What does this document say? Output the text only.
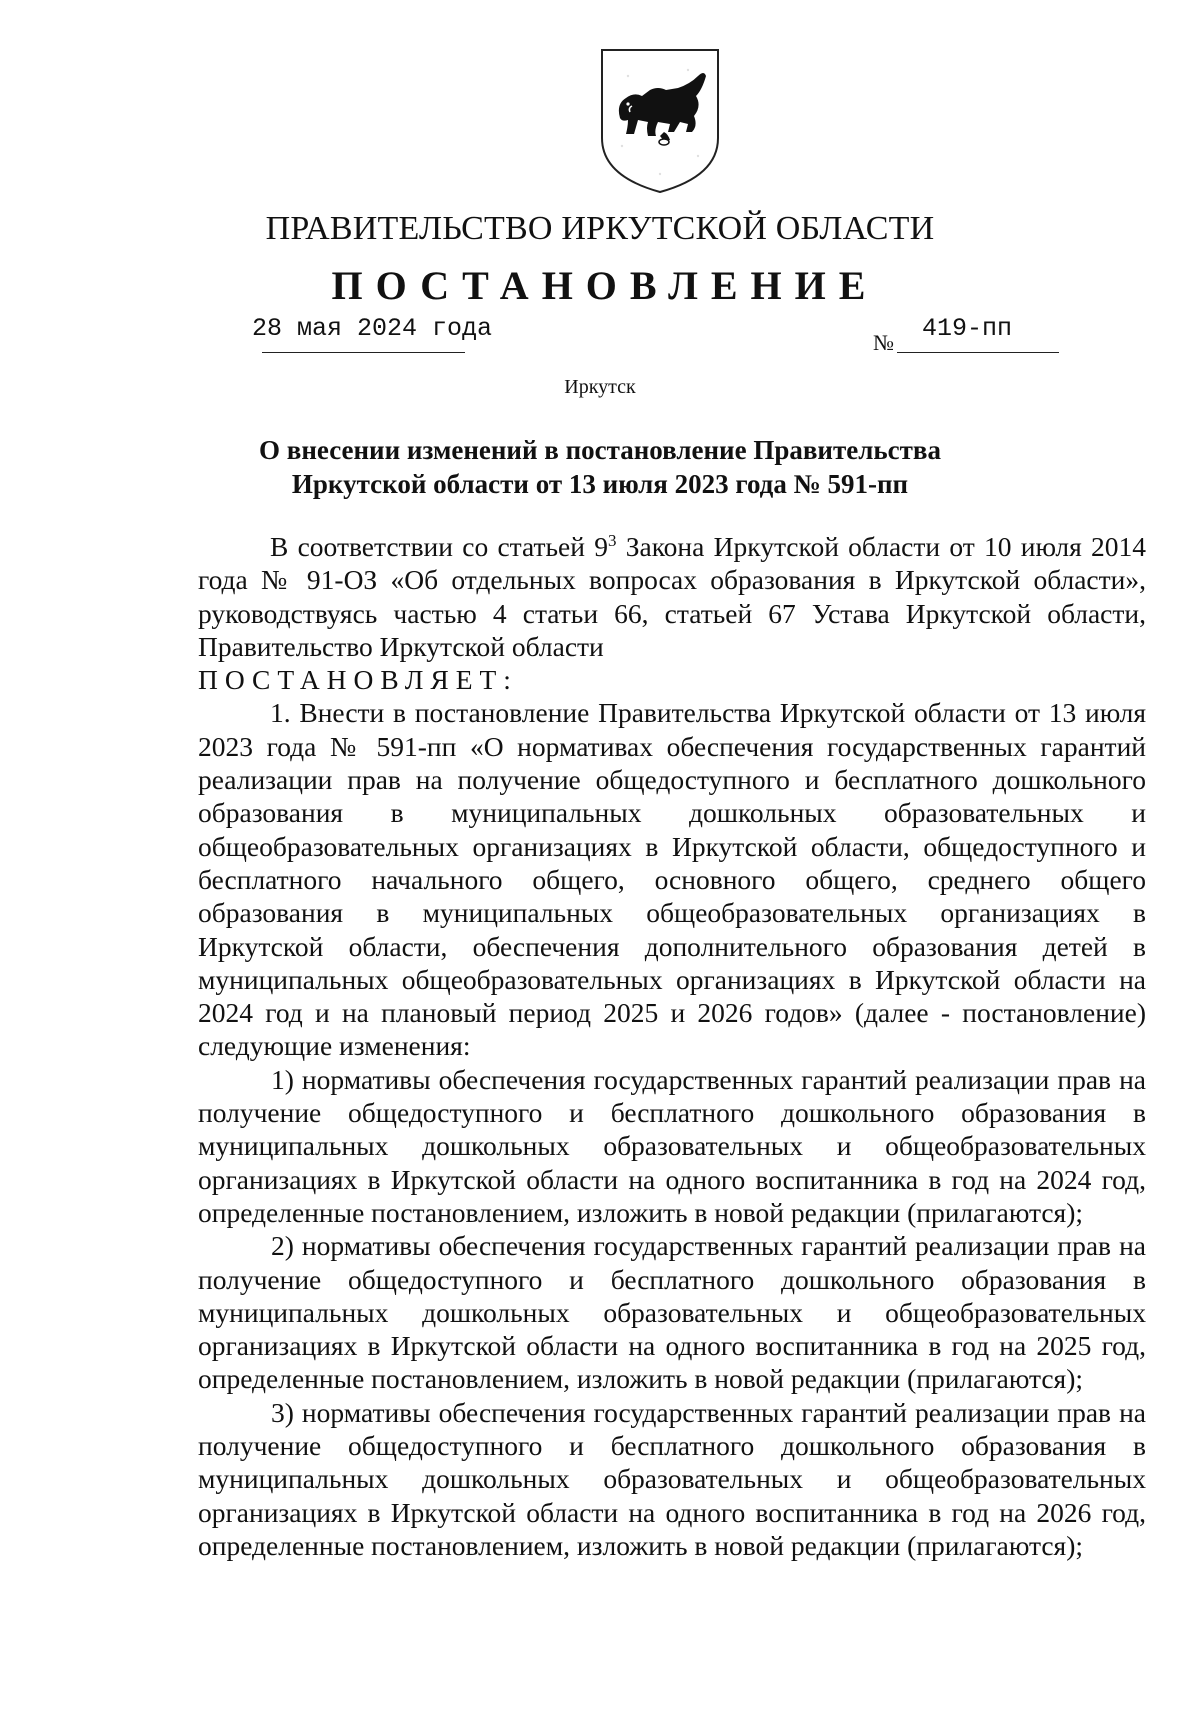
ПРАВИТЕЛЬСТВО ИРКУТСКОЙ ОБЛАСТИ
ПОСТАНОВЛЕНИЕ
28 мая 2024 года	№ 419-пп
Иркутск
О внесении изменений в постановление Правительства
Иркутской области от 13 июля 2023 года № 591-пп

В соответствии со статьей $9^3$ Закона Иркутской области от 10 июля 2014 года № 91-ОЗ «Об отдельных вопросах образования в Иркутской области», руководствуясь частью 4 статьи 66, статьей 67 Устава Иркутской области, Правительство Иркутской области

ПОСТАНОВЛЯЕТ:

1. Внести в постановление Правительства Иркутской области от 13 июля 2023 года № 591-пп «О нормативах обеспечения государственных гарантий реализации прав на получение общедоступного и бесплатного дошкольного образования в муниципальных дошкольных образовательных и общеобразовательных организациях в Иркутской области, общедоступного и бесплатного начального общего, основного общего, среднего общего образования в муниципальных общеобразовательных организациях в Иркутской области, обеспечения дополнительного образования детей в муниципальных общеобразовательных организациях в Иркутской области на 2024 год и на плановый период 2025 и 2026 годов» (далее - постановление) следующие изменения:

1) нормативы обеспечения государственных гарантий реализации прав на получение общедоступного и бесплатного дошкольного образования в муниципальных дошкольных образовательных и общеобразовательных организациях в Иркутской области на одного воспитанника в год на 2024 год, определенные постановлением, изложить в новой редакции (прилагаются);

2) нормативы обеспечения государственных гарантий реализации прав на получение общедоступного и бесплатного дошкольного образования в муниципальных дошкольных образовательных и общеобразовательных организациях в Иркутской области на одного воспитанника в год на 2025 год, определенные постановлением, изложить в новой редакции (прилагаются);

3) нормативы обеспечения государственных гарантий реализации прав на получение общедоступного и бесплатного дошкольного образования в муниципальных дошкольных образовательных и общеобразовательных организациях в Иркутской области на одного воспитанника в год на 2026 год, определенные постановлением, изложить в новой редакции (прилагаются);
